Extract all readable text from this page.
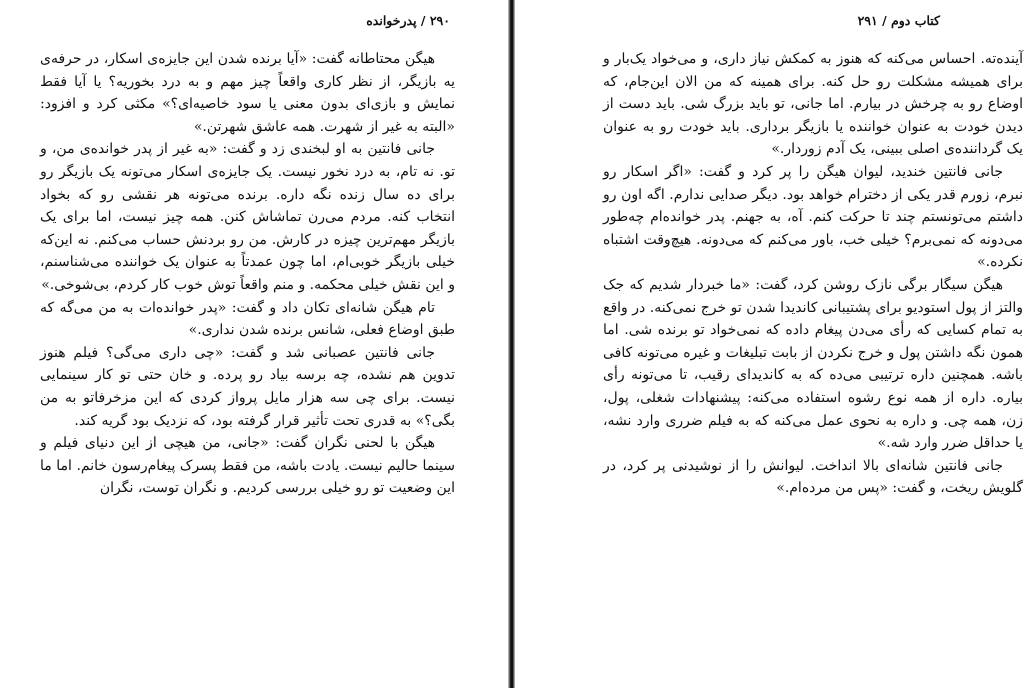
۲۹۰ / پدرخوانده

هیگن محتاطانه گفت: «آیا برنده شدن این جایزه‌ی اسکار، در حرفه‌ی یه بازیگر، از نظر کاری واقعاً چیز مهم و به درد بخوریه؟ یا آیا فقط نمایش و بازی‌ای بدون معنی یا سود خاصیه‌ای؟» مکثی کرد و افزود: «البته به غیر از شهرت. همه عاشق شهرتن.»

جانی فانتین به او لبخندی زد و گفت: «به غیر از پدر خوانده‌ی من، و تو. نه تام، به درد نخور نیست. یک جایزه‌ی اسکار می‌تونه یک بازیگر رو برای ده سال زنده نگه داره. برنده می‌تونه هر نقشی رو که بخواد انتخاب کنه. مردم می‌رن تماشاش کنن. همه چیز نیست، اما برای یک بازیگر مهم‌ترین چیزه در کارش. من رو بردنش حساب می‌کنم. نه این‌که خیلی بازیگر خوبی‌ام، اما چون عمدتاً به عنوان یک خواننده می‌شناسنم، و این نقش خیلی محکمه. و منم واقعاً توش خوب کار کردم، بی‌شوخی.»

تام هیگن شانه‌ای تکان داد و گفت: «پدر خوانده‌ات به من می‌گه که طبق اوضاع فعلی، شانس برنده شدن نداری.»

جانی فانتین عصبانی شد و گفت: «چی داری می‌گی؟ فیلم هنوز تدوین هم نشده، چه برسه بیاد رو پرده. و خان حتی تو کار سینمایی نیست. برای چی سه هزار مایل پرواز کردی که این مزخرفاتو به من بگی؟» به قدری تحت تأثیر قرار گرفته بود، که نزدیک بود گریه کند.

هیگن با لحنی نگران گفت: «جانی، من هیچی از این دنیای فیلم و سینما حالیم نیست. یادت باشه، من فقط پسرک پیغام‌رسون خانم. اما ما این وضعیت تو رو خیلی بررسی کردیم. و نگران توست، نگران

کتاب دوم / ۲۹۱

آینده‌ته. احساس می‌کنه که هنوز به کمکش نیاز داری، و می‌خواد یک‌بار و برای همیشه مشکلت رو حل کنه. برای همینه که من الان این‌جام، که اوضاع رو به چرخش در بیارم. اما جانی، تو باید بزرگ شی. باید دست از دیدن خودت به عنوان خواننده یا بازیگر برداری. باید خودت رو به عنوان یک گرداننده‌ی اصلی ببینی، یک آدم زوردار.»

جانی فانتین خندید، لیوان هیگن را پر کرد و گفت: «اگر اسکار رو نبرم، زورم قدر یکی از دخترام خواهد بود. دیگر صدایی ندارم. اگه اون رو داشتم می‌تونستم چند تا حرکت کنم. آه، به جهنم. پدر خوانده‌ام چه‌طور می‌دونه که نمی‌برم؟ خیلی خب، باور می‌کنم که می‌دونه. هیچ‌وقت اشتباه نکرده.»

هیگن سیگار برگی نازک روشن کرد، گفت: «ما خبردار شدیم که جک والتز از پول استودیو برای پشتیبانی کاندیدا شدن تو خرج نمی‌کنه. در واقع به تمام کسایی که رأی می‌دن پیغام داده که نمی‌خواد تو برنده شی. اما همون نگه داشتن پول و خرج نکردن از بابت تبلیغات و غیره می‌تونه کافی باشه. همچنین داره ترتیبی می‌ده که به کاندیدای رقیب، تا می‌تونه رأی بیاره. داره از همه نوع رشوه استفاده می‌کنه: پیشنهادات شغلی، پول، زن، همه چی. و داره به نحوی عمل می‌کنه که به فیلم ضرری وارد نشه، یا حداقل ضرر وارد شه.»

جانی فانتین شانه‌ای بالا انداخت. لیوانش را از نوشیدنی پر کرد، در گلویش ریخت، و گفت: «پس من مرده‌ام.»
